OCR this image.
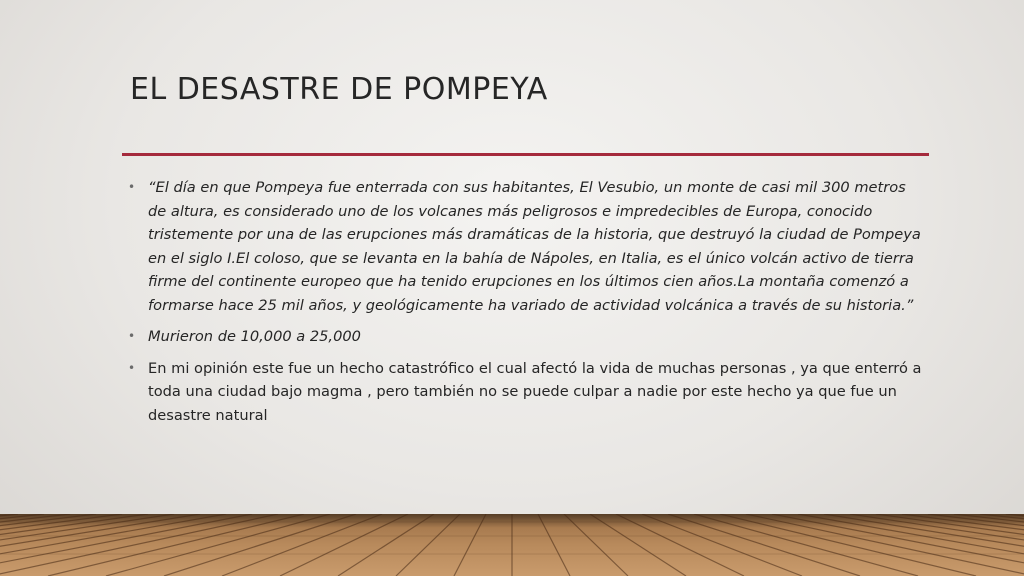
EL DESASTRE DE POMPEYA
• “El día en que Pompeya fue enterrada con sus habitantes, El Vesubio, un monte de casi mil 300 metros de altura, es considerado uno de los volcanes más peligrosos e impredecibles de Europa, conocido tristemente por una de las erupciones más dramáticas de la historia, que destruyó la ciudad de Pompeya en el siglo I.El coloso, que se levanta en la bahía de Nápoles, en Italia, es el único volcán activo de tierra firme del continente europeo que ha tenido erupciones en los últimos cien años.La montaña comenzó a formarse hace 25 mil años, y geológicamente ha variado de actividad volcánica a través de su historia.”
• Murieron de 10,000 a 25,000
• En mi opinión este fue un hecho catastrófico el cual afectó la vida de muchas personas , ya que enterró a toda una ciudad bajo magma , pero también no se puede culpar a nadie por este hecho ya que fue un desastre natural
